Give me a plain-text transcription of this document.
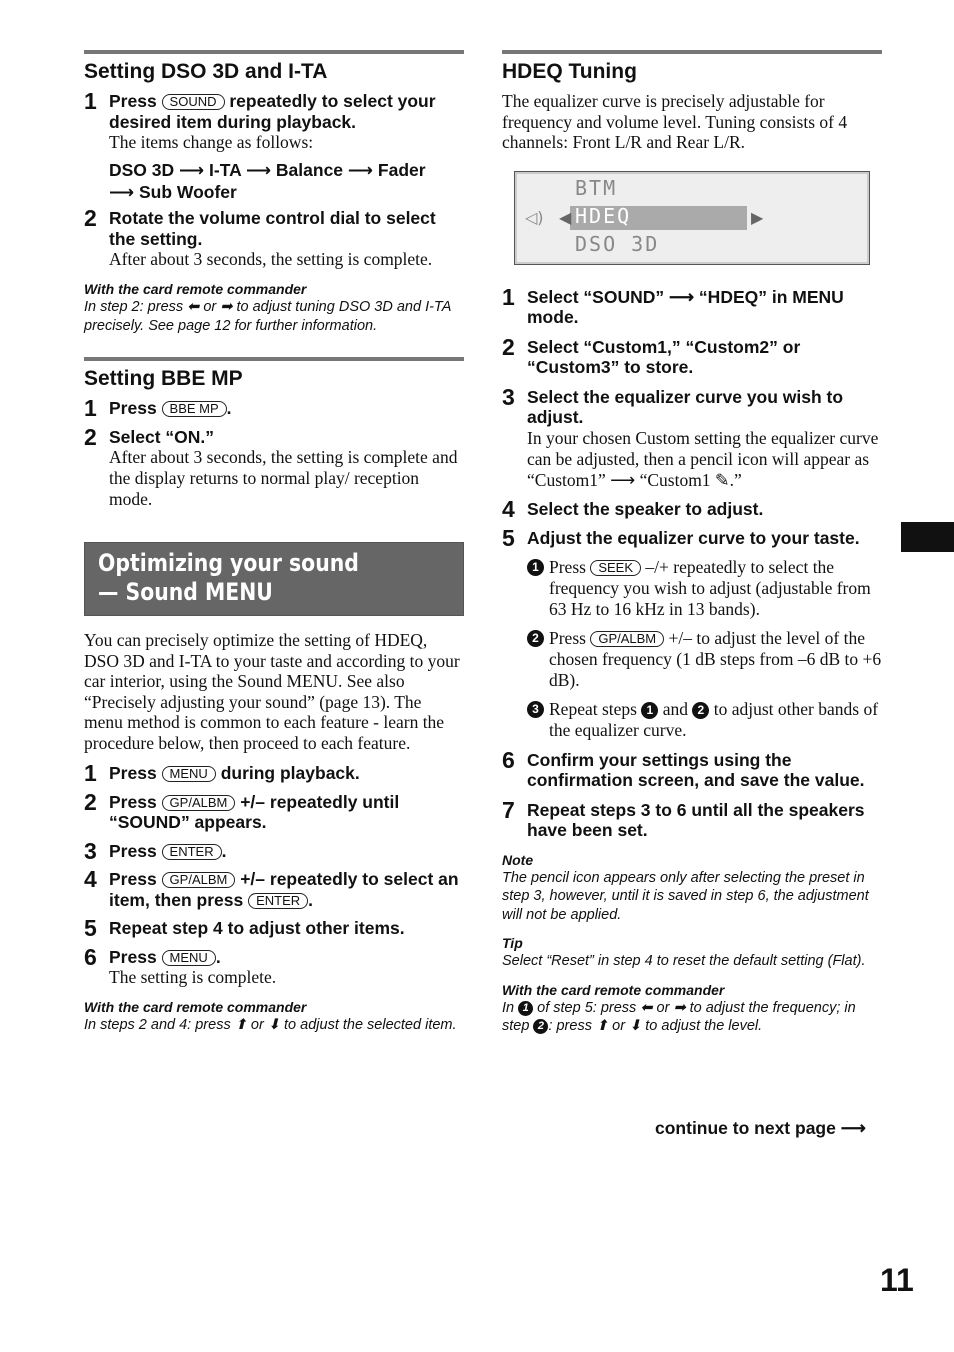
Setting DSO 3D and I-TA
1 Press SOUND repeatedly to select your desired item during playback.
The items change as follows:
DSO 3D ⟶ I-TA ⟶ Balance ⟶ Fader
⟶ Sub Woofer
2 Rotate the volume control dial to select the setting.
After about 3 seconds, the setting is complete.
With the card remote commander
In step 2: press ⬅ or ➡ to adjust tuning DSO 3D and I-TA precisely. See page 12 for further information.
Setting BBE MP
1 Press BBE MP .
2 Select “ON.”
After about 3 seconds, the setting is complete and the display returns to normal play/ reception mode.
Optimizing your sound
— Sound MENU
You can precisely optimize the setting of HDEQ, DSO 3D and I-TA to your taste and according to your car interior, using the Sound MENU. See also “Precisely adjusting your sound” (page 13). The menu method is common to each feature - learn the procedure below, then proceed to each feature.
1 Press MENU during playback.
2 Press GP/ALBM +/– repeatedly until “SOUND” appears.
3 Press ENTER .
4 Press GP/ALBM +/– repeatedly to select an item, then press ENTER .
5 Repeat step 4 to adjust other items.
6 Press MENU .
The setting is complete.
With the card remote commander
In steps 2 and 4: press ⬆ or ⬇ to adjust the selected item.
HDEQ Tuning
The equalizer curve is precisely adjustable for frequency and volume level. Tuning consists of 4 channels: Front L/R and Rear L/R.
◁) ◀	▶
BTM
HDEQ
DSO 3D
1 Select “SOUND” ⟶ “HDEQ” in MENU mode.
2 Select “Custom1,” “Custom2” or “Custom3” to store.
3 Select the equalizer curve you wish to adjust.
In your chosen Custom setting the equalizer curve can be adjusted, then a pencil icon will appear as “Custom1” ⟶ “Custom1 ✎.”
4 Select the speaker to adjust.
5 Adjust the equalizer curve to your taste.
1 Press SEEK –/+ repeatedly to select the frequency you wish to adjust (adjustable from 63 Hz to 16 kHz in 13 bands).
2 Press GP/ALBM +/– to adjust the level of the chosen frequency (1 dB steps from –6 dB to +6 dB).
3 Repeat steps 1 and 2 to adjust other bands of the equalizer curve.
6 Confirm your settings using the confirmation screen, and save the value.
7 Repeat steps 3 to 6 until all the speakers have been set.
Note
The pencil icon appears only after selecting the preset in step 3, however, until it is saved in step 6, the adjustment will not be applied.
Tip
Select “Reset” in step 4 to reset the default setting (Flat).
With the card remote commander
In 1 of step 5: press ⬅ or ➡ to adjust the frequency; in step 2 : press ⬆ or ⬇ to adjust the level.
continue to next page ⟶
11
